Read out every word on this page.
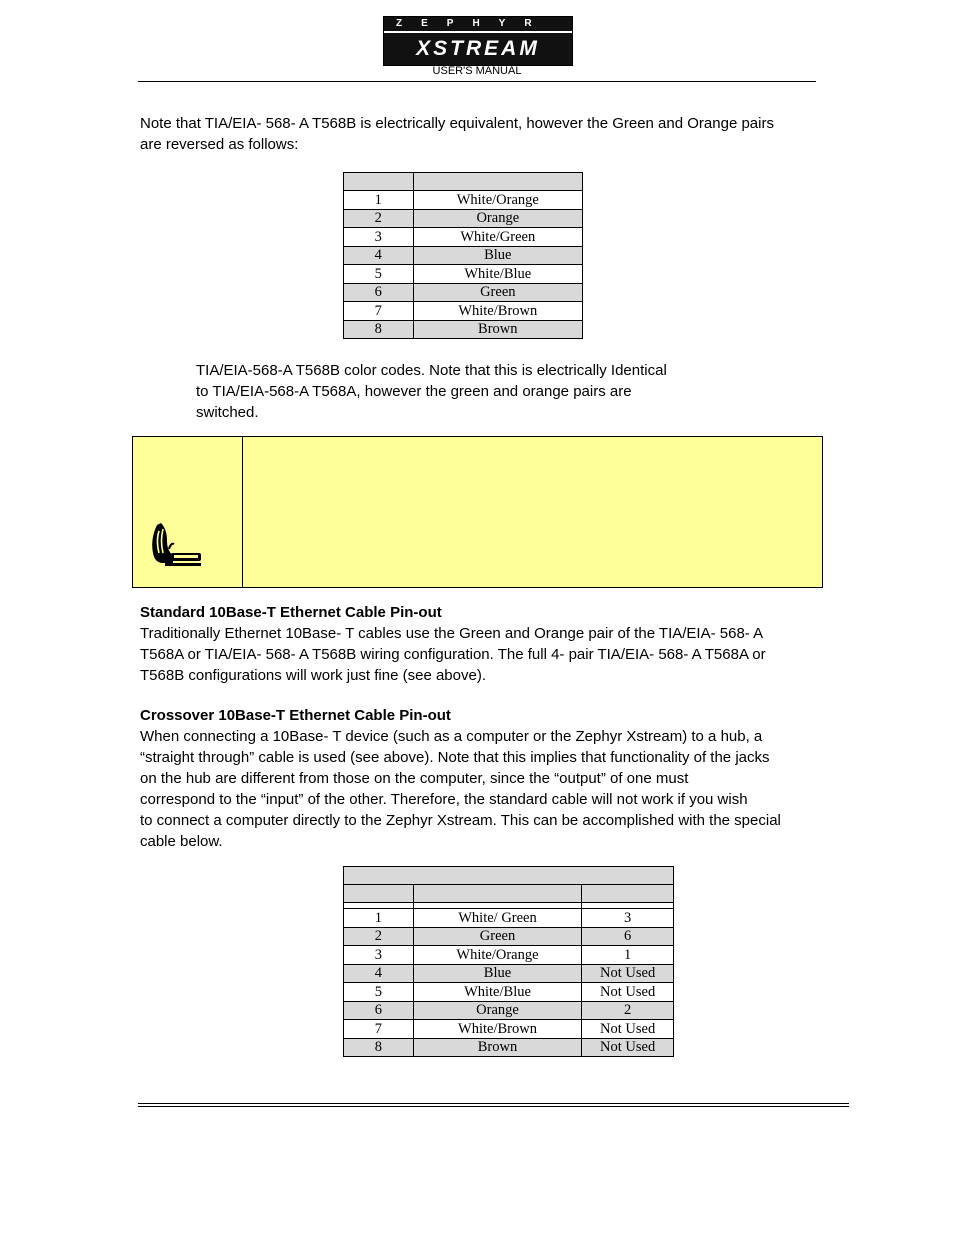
ZEPHYR
XSTREAM
USER'S MANUAL
Note that TIA/EIA- 568- A T568B is electrically equivalent, however the Green and Orange pairs
are reversed as follows:

1	White/Orange
2	Orange
3	White/Green
4	Blue
5	White/Blue
6	Green
7	White/Brown
8	Brown
TIA/EIA-568-A T568B color codes. Note that this is electrically Identical
to TIA/EIA-568-A T568A, however the green and orange pairs are
switched.
Standard 10Base-T Ethernet Cable Pin-out
Traditionally Ethernet 10Base- T cables use the Green and Orange pair of the TIA/EIA- 568- A
T568A or TIA/EIA- 568- A T568B wiring configuration. The full 4- pair TIA/EIA- 568- A T568A or
T568B configurations will work just fine (see above).
Crossover 10Base-T Ethernet Cable Pin-out
When connecting a 10Base- T device (such as a computer or the Zephyr Xstream) to a hub, a
“straight through” cable is used (see above). Note that this implies that functionality of the jacks
on the hub are different from those on the computer, since the “output” of one must
correspond to the “input” of the other. Therefore, the standard cable will not work if you wish
to connect a computer directly to the Zephyr Xstream. This can be accomplished with the special
cable below.

1	White/ Green	3
2	Green	6
3	White/Orange	1
4	Blue	Not Used
5	White/Blue	Not Used
6	Orange	2
7	White/Brown	Not Used
8	Brown	Not Used
